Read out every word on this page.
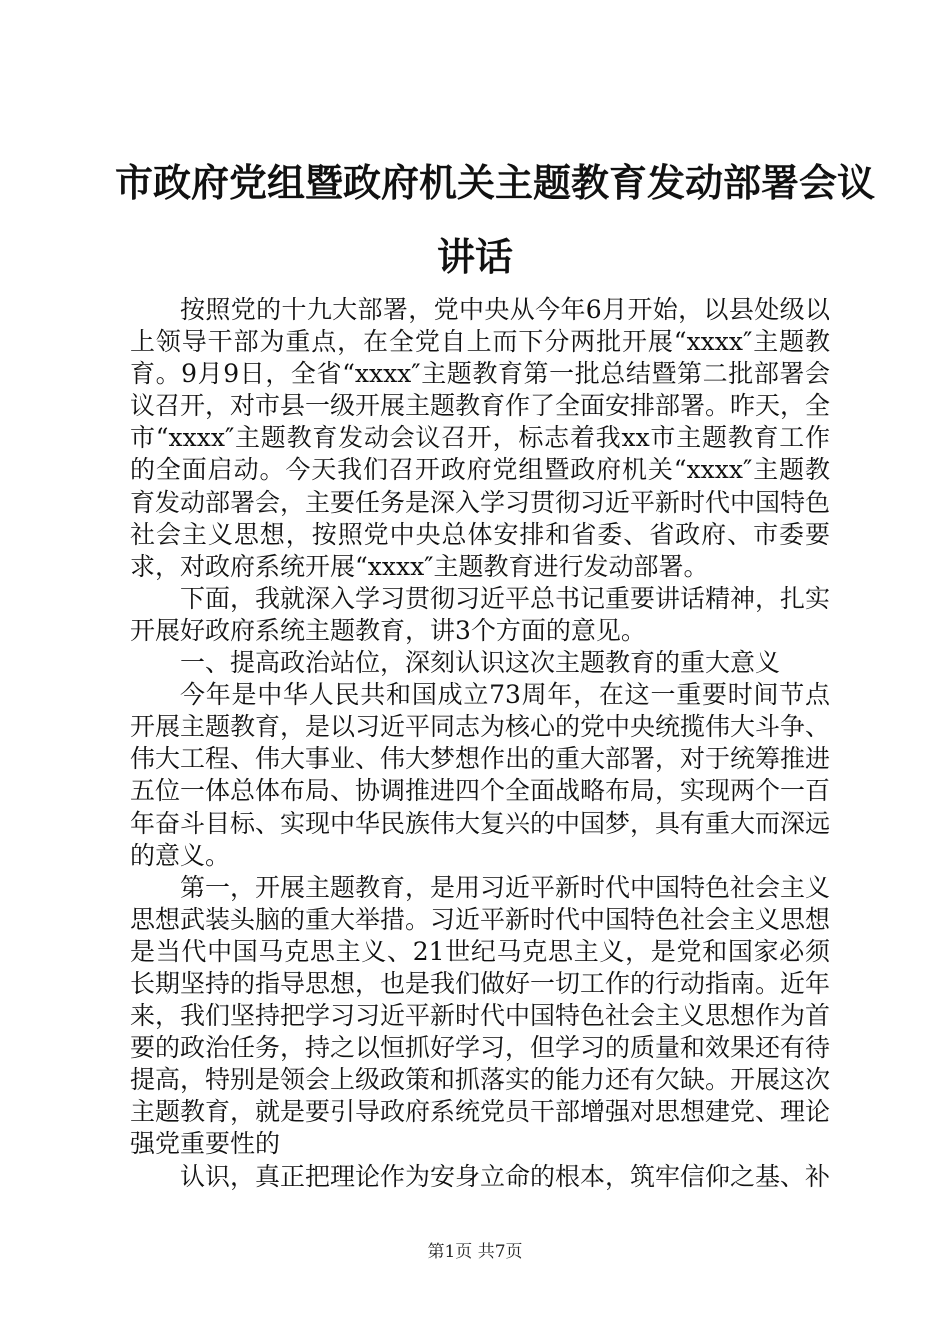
市政府党组暨政府机关主题教育发动部署会议
讲话

按照党的十九大部署，党中央从今年6月开始，以县处级以上领导干部为重点，在全党自上而下分两批开展“xxxx″主题教育。9月9日，全省“xxxx″主题教育第一批总结暨第二批部署会议召开，对市县一级开展主题教育作了全面安排部署。昨天，全市“xxxx″主题教育发动会议召开，标志着我xx市主题教育工作的全面启动。今天我们召开政府党组暨政府机关“xxxx″主题教育发动部署会，主要任务是深入学习贯彻习近平新时代中国特色社会主义思想，按照党中央总体安排和省委、省政府、市委要求，对政府系统开展“xxxx″主题教育进行发动部署。

下面，我就深入学习贯彻习近平总书记重要讲话精神，扎实开展好政府系统主题教育，讲3个方面的意见。

一、提高政治站位，深刻认识这次主题教育的重大意义

今年是中华人民共和国成立73周年，在这一重要时间节点开展主题教育，是以习近平同志为核心的党中央统揽伟大斗争、伟大工程、伟大事业、伟大梦想作出的重大部署，对于统筹推进五位一体总体布局、协调推进四个全面战略布局，实现两个一百年奋斗目标、实现中华民族伟大复兴的中国梦，具有重大而深远的意义。

第一，开展主题教育，是用习近平新时代中国特色社会主义思想武装头脑的重大举措。习近平新时代中国特色社会主义思想是当代中国马克思主义、21世纪马克思主义，是党和国家必须长期坚持的指导思想，也是我们做好一切工作的行动指南。近年来，我们坚持把学习习近平新时代中国特色社会主义思想作为首要的政治任务，持之以恒抓好学习，但学习的质量和效果还有待提高，特别是领会上级政策和抓落实的能力还有欠缺。开展这次主题教育，就是要引导政府系统党员干部增强对思想建党、理论强党重要性的

认识，真正把理论作为安身立命的根本，筑牢信仰之基、补

第1页 共7页
